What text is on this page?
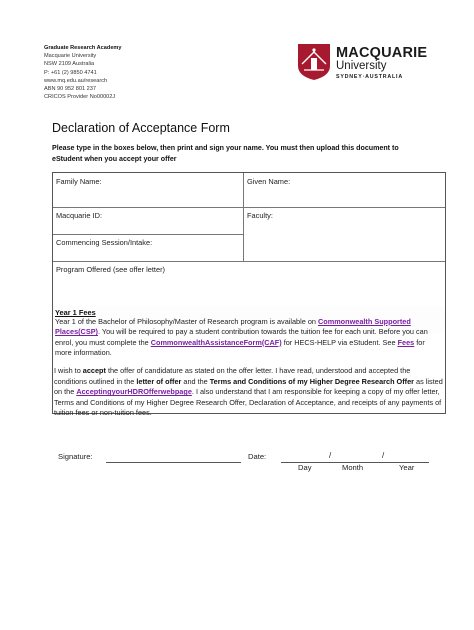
Graduate Research Academy
Macquarie University
NSW 2109 Australia
P: +61 (2) 9850 4741
www.mq.edu.au/research
ABN 90 952 801 237
CRICOS Provider No00002J
MACQUARIE
University
SYDNEY·AUSTRALIA
Declaration of Acceptance Form
Please type in the boxes below, then print and sign your name. You must then upload this document to eStudent when you accept your offer
Family Name:	Given Name:
Macquarie ID:	Faculty:
Commencing Session/Intake:
Program Offered (see offer letter)
Year 1 Fees
Year 1 of the Bachelor of Philosophy/Master of Research program is available on Commonwealth Supported Places(CSP). You will be required to pay a student contribution towards the tuition fee for each unit. Before you can enrol, you must complete the CommonwealthAssistanceForm(CAF) for HECS-HELP via eStudent. See Fees for more information.
I wish to accept the offer of candidature as stated on the offer letter. I have read, understood and accepted the conditions outlined in the letter of offer and the Terms and Conditions of my Higher Degree Research Offer as listed on the AcceptingyourHDROfferwebpage. I also understand that I am responsible for keeping a copy of my offer letter, Terms and Conditions of my Higher Degree Research Offer, Declaration of Acceptance, and receipts of any payments of tuition fees or non-tuition fees.
Signature:	Date:	/	/
Day	Month	Year
